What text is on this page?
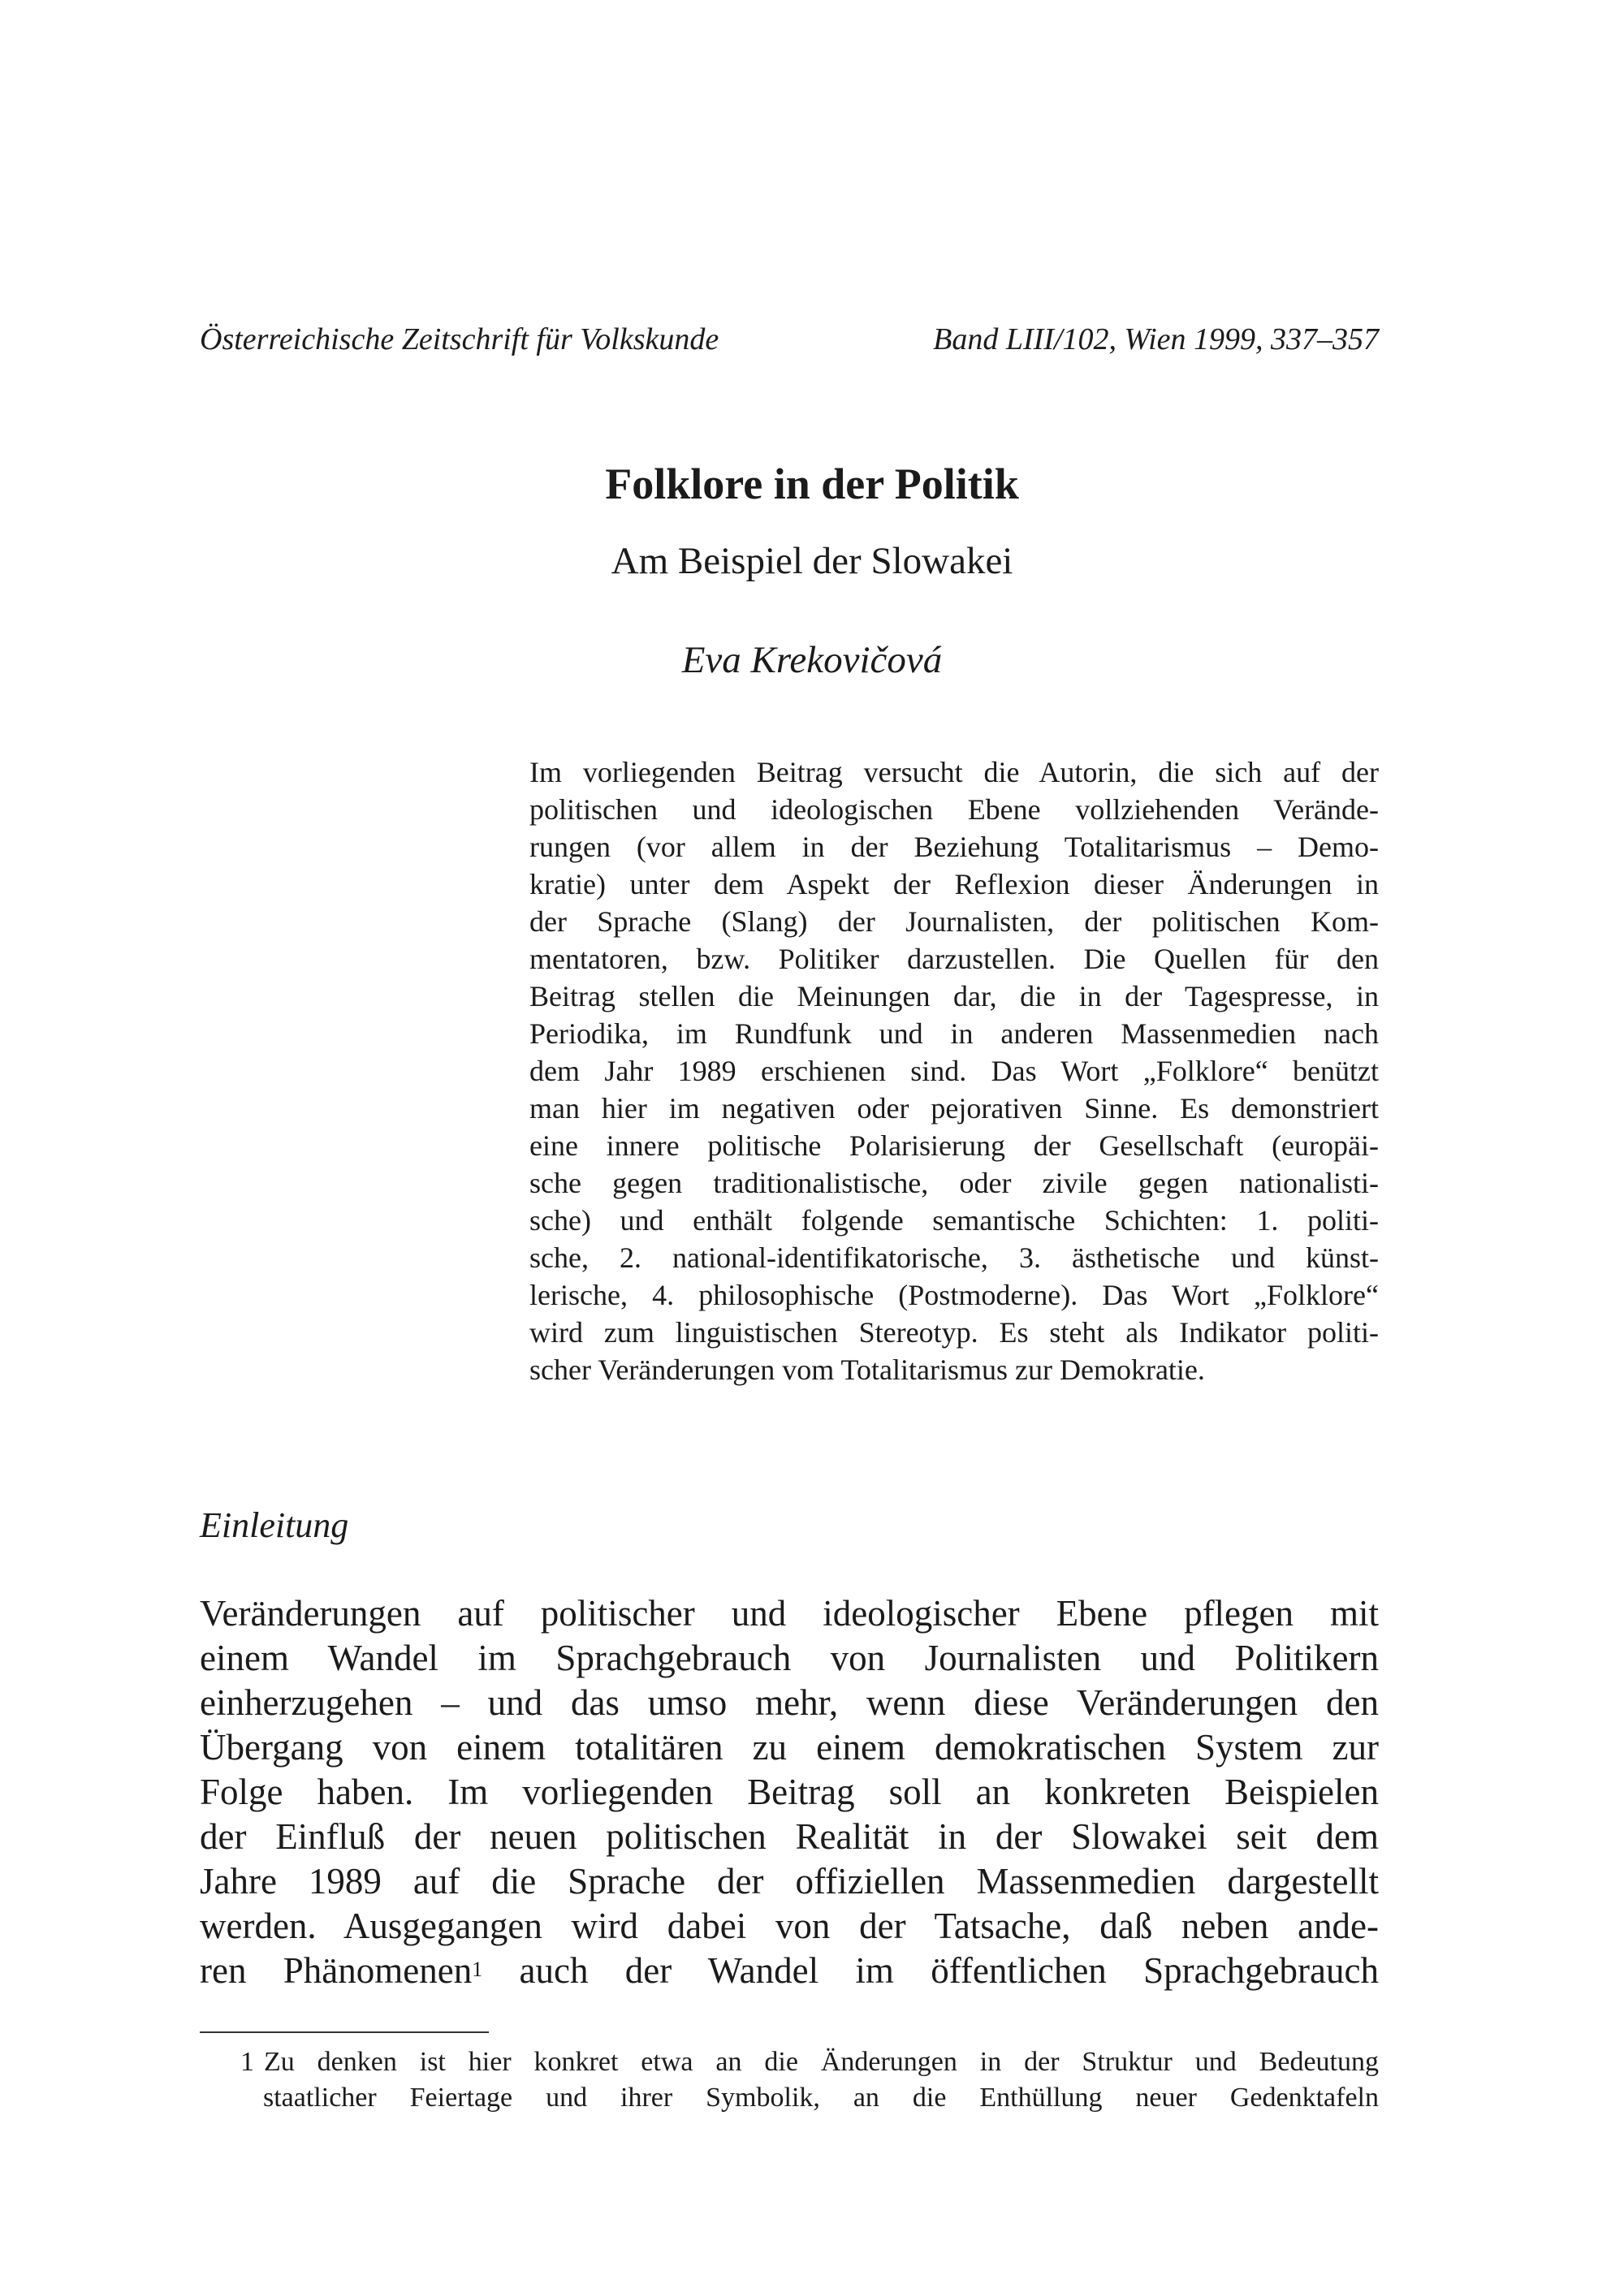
Österreichische Zeitschrift für Volkskunde	Band LIII/102, Wien 1999, 337–357
Folklore in der Politik
Am Beispiel der Slowakei
Eva Krekovičová
Im vorliegenden Beitrag versucht die Autorin, die sich auf der
politischen und ideologischen Ebene vollziehenden Verände-
rungen (vor allem in der Beziehung Totalitarismus – Demo-
kratie) unter dem Aspekt der Reflexion dieser Änderungen in
der Sprache (Slang) der Journalisten, der politischen Kom-
mentatoren, bzw. Politiker darzustellen. Die Quellen für den
Beitrag stellen die Meinungen dar, die in der Tagespresse, in
Periodika, im Rundfunk und in anderen Massenmedien nach
dem Jahr 1989 erschienen sind. Das Wort „Folklore“ benützt
man hier im negativen oder pejorativen Sinne. Es demonstriert
eine innere politische Polarisierung der Gesellschaft (europäi-
sche gegen traditionalistische, oder zivile gegen nationalisti-
sche) und enthält folgende semantische Schichten: 1. politi-
sche, 2. national-identifikatorische, 3. ästhetische und künst-
lerische, 4. philosophische (Postmoderne). Das Wort „Folklore“
wird zum linguistischen Stereotyp. Es steht als Indikator politi-
scher Veränderungen vom Totalitarismus zur Demokratie.
Einleitung
Veränderungen auf politischer und ideologischer Ebene pflegen mit
einem Wandel im Sprachgebrauch von Journalisten und Politikern
einherzugehen – und das umso mehr, wenn diese Veränderungen den
Übergang von einem totalitären zu einem demokratischen System zur
Folge haben. Im vorliegenden Beitrag soll an konkreten Beispielen
der Einfluß der neuen politischen Realität in der Slowakei seit dem
Jahre 1989 auf die Sprache der offiziellen Massenmedien dargestellt
werden. Ausgegangen wird dabei von der Tatsache, daß neben ande-
ren Phänomenen$^1$ auch der Wandel im öffentlichen Sprachgebrauch
1 Zu denken ist hier konkret etwa an die Änderungen in der Struktur und Bedeutung
staatlicher Feiertage und ihrer Symbolik, an die Enthüllung neuer Gedenktafeln
